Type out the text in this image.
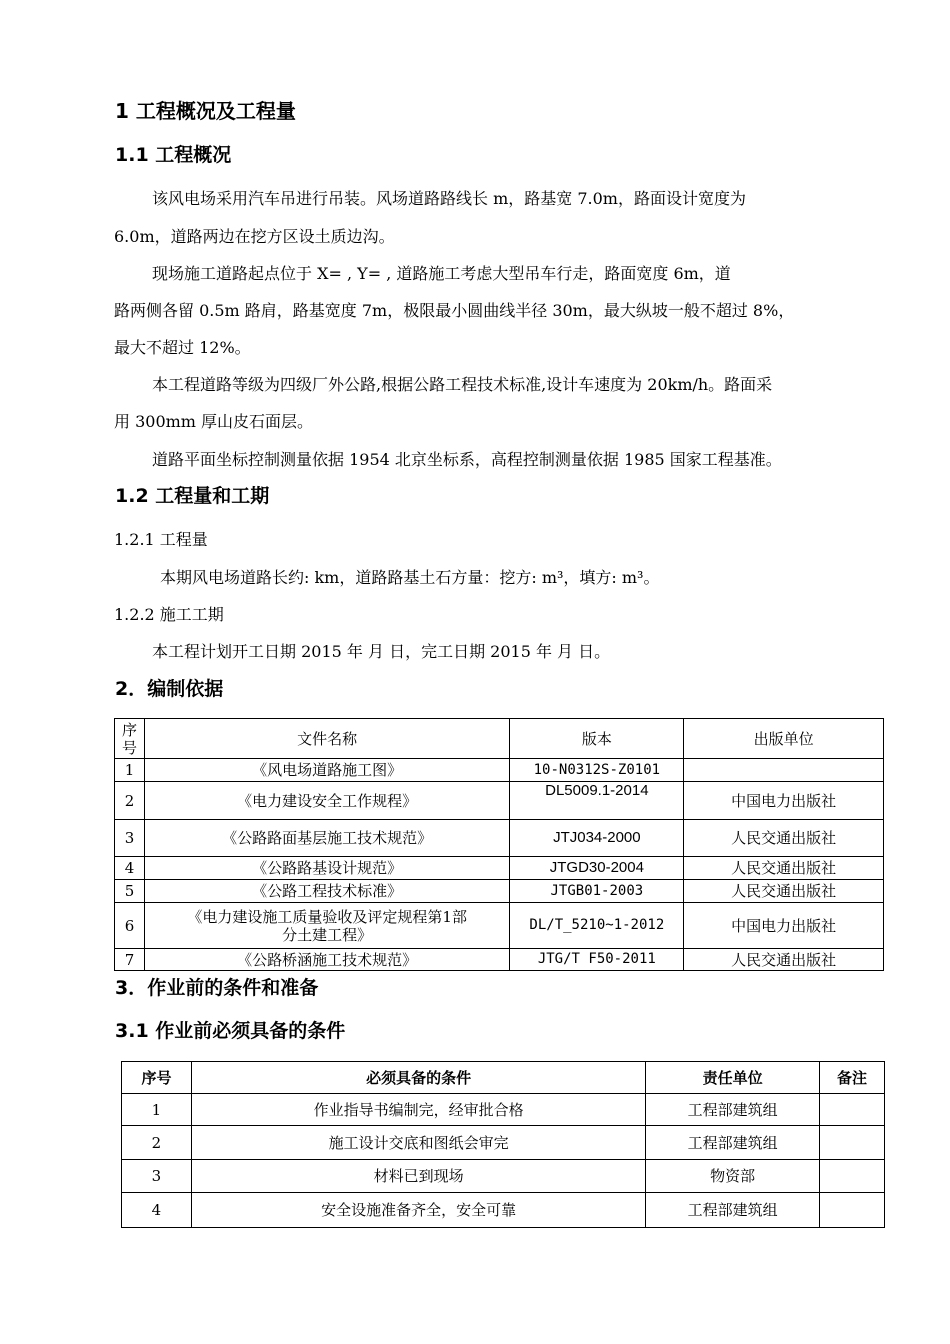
1 工程概况及工程量
1.1 工程概况
该风电场采用汽车吊进行吊装。风场道路路线长 m，路基宽 7.0m，路面设计宽度为
6.0m，道路两边在挖方区设土质边沟。
现场施工道路起点位于 X= , Y= , 道路施工考虑大型吊车行走，路面宽度 6m，道
路两侧各留 0.5m 路肩，路基宽度 7m，极限最小圆曲线半径 30m，最大纵坡一般不超过 8%，
最大不超过 12%。
本工程道路等级为四级厂外公路,根据公路工程技术标准,设计车速度为 20km/h。路面采
用 300mm 厚山皮石面层。
道路平面坐标控制测量依据 1954 北京坐标系，高程控制测量依据 1985 国家工程基准。
1.2 工程量和工期
1.2.1 工程量
本期风电场道路长约: km，道路路基土石方量：挖方: m³，填方: m³。
1.2.2 施工工期
本工程计划开工日期 2015 年 月 日，完工日期 2015 年 月 日。
2．编制依据
序号	文件名称	版本	出版单位
1	《风电场道路施工图》	10-N0312S-Z0101	
2	《电力建设安全工作规程》	DL5009.1-2014	中国电力出版社
3	《公路路面基层施工技术规范》	JTJ034-2000	人民交通出版社
4	《公路路基设计规范》	JTGD30-2004	人民交通出版社
5	《公路工程技术标准》	JTGB01-2003	人民交通出版社
6	《电力建设施工质量验收及评定规程第1部
分土建工程》	DL/T_5210~1-2012	中国电力出版社
7	《公路桥涵施工技术规范》	JTG/T F50-2011	人民交通出版社
3．作业前的条件和准备
3.1 作业前必须具备的条件
序号	必须具备的条件	责任单位	备注
1	作业指导书编制完，经审批合格	工程部建筑组	
2	施工设计交底和图纸会审完	工程部建筑组	
3	材料已到现场	物资部	
4	安全设施准备齐全，安全可靠	工程部建筑组	
